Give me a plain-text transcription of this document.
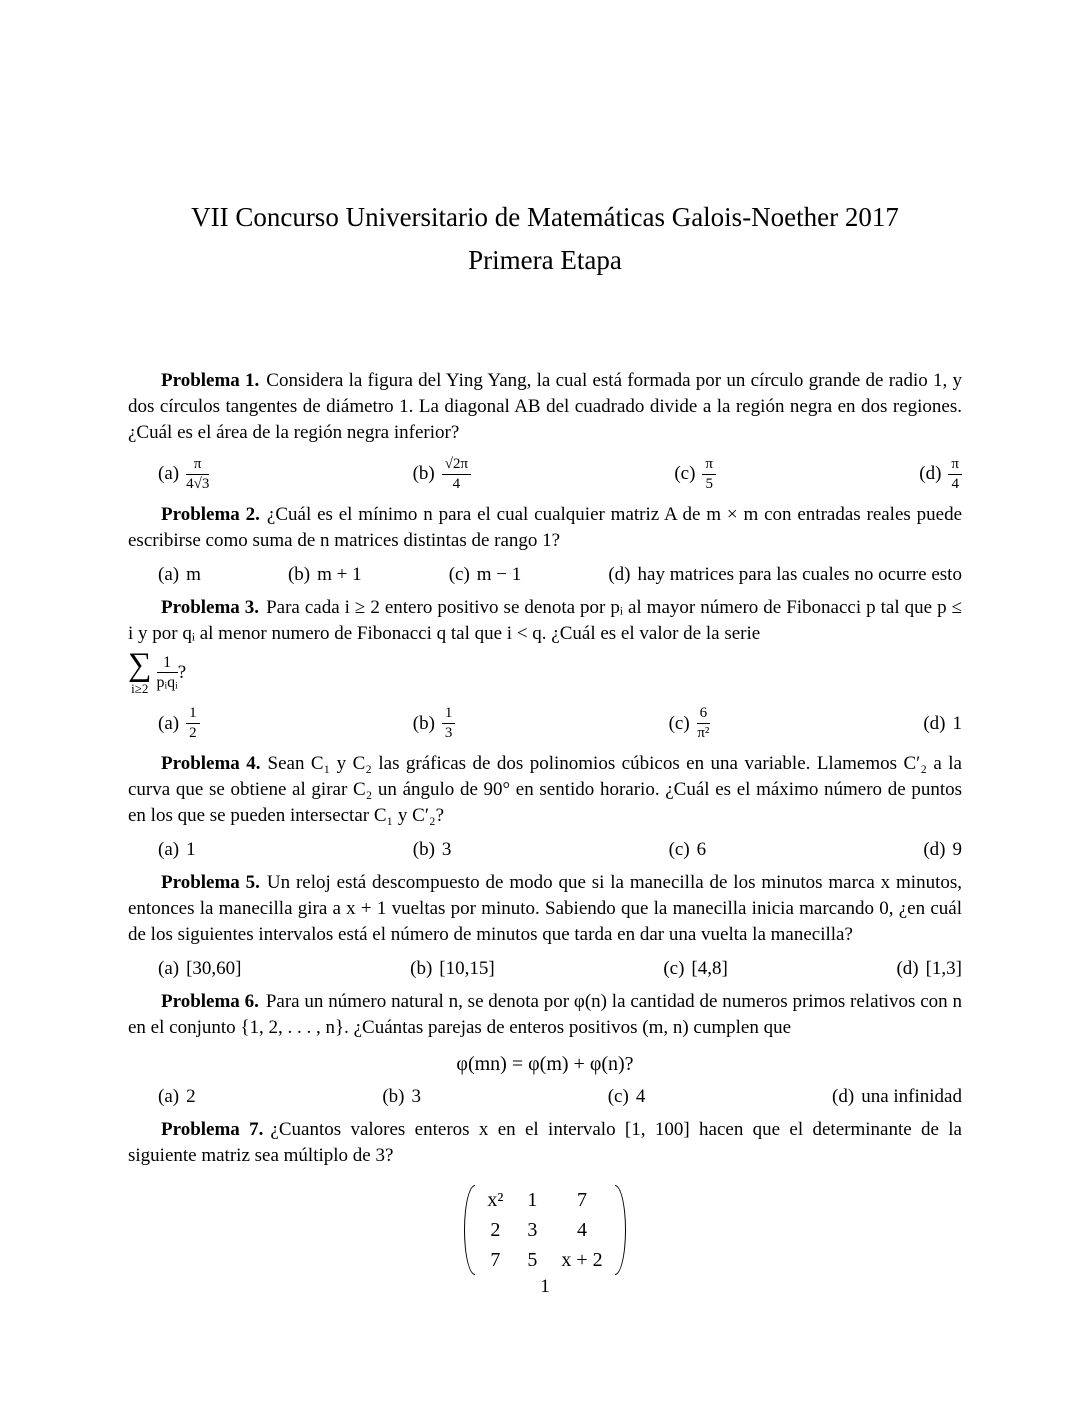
VII Concurso Universitario de Matemáticas Galois-Noether 2017
Primera Etapa

Problema 1. Considera la figura del Ying Yang, la cual está formada por un círculo grande de radio 1, y dos círculos tangentes de diámetro 1. La diagonal AB del cuadrado divide a la región negra en dos regiones. ¿Cuál es el área de la región negra inferior?

$(a) \frac{\pi}{4√3}$	$(b) \frac{√2\pi}{4}$	$(c) \frac{\pi}{5}$	$(d) \frac{\pi}{4}$

Problema 2. ¿Cuál es el mínimo n para el cual cualquier matriz A de m × m con entradas reales puede escribirse como suma de n matrices distintas de rango 1?

(a) m	(b) m + 1	(c) m − 1	(d) hay matrices para las cuales no ocurre esto

Problema 3. Para cada i ≥ 2 entero positivo se denota por pᵢ al mayor número de Fibonacci p tal que p ≤ i y por qᵢ al menor numero de Fibonacci q tal que i < q. ¿Cuál es el valor de la serie

∑
$i\ge 2 \frac{1}{\text{pᵢqᵢ}}$ ?
$(a) \frac{1}{2}$	$(b) \frac{1}{3}$	$(c) \frac{6}{\text{π²}}$	(d) 1

Problema 4. Sean C₁ y C₂ las gráficas de dos polinomios cúbicos en una variable. Llamemos C′₂ a la curva que se obtiene al girar C₂ un ángulo de 90° en sentido horario. ¿Cuál es el máximo número de puntos en los que se pueden intersectar C₁ y C′₂?

(a) 1	(b) 3	(c) 6	(d) 9

Problema 5. Un reloj está descompuesto de modo que si la manecilla de los minutos marca x minutos, entonces la manecilla gira a x + 1 vueltas por minuto. Sabiendo que la manecilla inicia marcando 0, ¿en cuál de los siguientes intervalos está el número de minutos que tarda en dar una vuelta la manecilla?

(a) [30,60]	(b) [10,15]	(c) [4,8]	(d) [1,3]

Problema 6. Para un número natural n, se denota por φ(n) la cantidad de numeros primos relativos con n en el conjunto {1, 2, . . . , n}. ¿Cuántas parejas de enteros positivos (m, n) cumplen que

φ(mn) = φ(m) + φ(n)?
(a) 2	(b) 3	(c) 4	(d) una infinidad

Problema 7. ¿Cuantos valores enteros x en el intervalo [1, 100] hacen que el determinante de la siguiente matriz sea múltiplo de 3?

x²	1	7
2	3	4
7	5	x + 2
1
